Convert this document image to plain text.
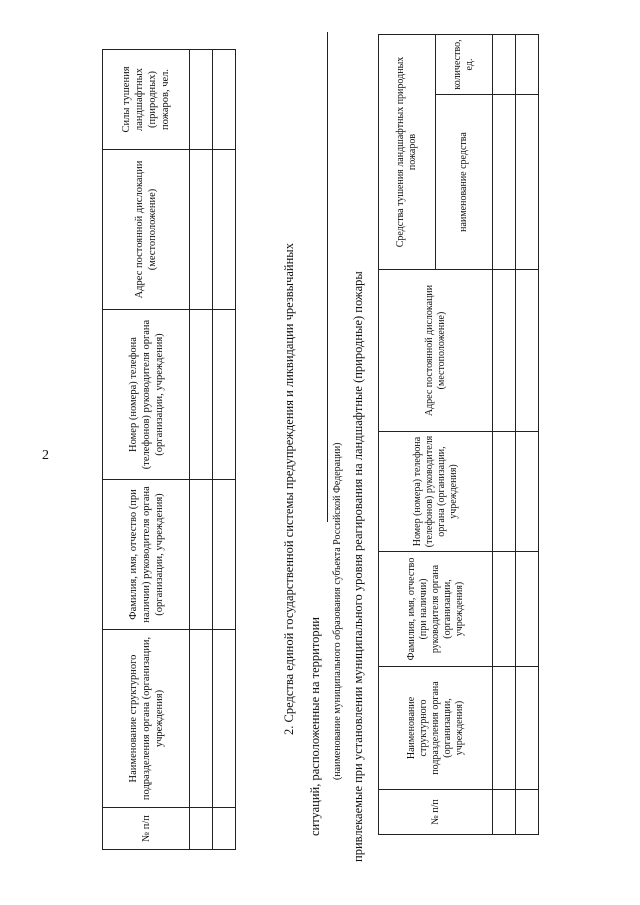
2
№ п/п	Наименование структурного подразделения органа (организации, учреждения)	Фамилия, имя, отчество (при наличии) руководителя органа (организации, учреждения)	Номер (номера) телефона (телефонов) руководителя органа (организации, учреждения)	Адрес постоянной дислокации (местоположение)	Силы тушения ландшафтных (природных) пожаров, чел.

2. Средства единой государственной системы предупреждения и ликвидации чрезвычайных ситуаций, расположенные на территории (наименование муниципального образования субъекта Российской Федерации) привлекаемые при установлении муниципального уровня реагирования на ландшафтные (природные) пожары	№ п/п	Наименование структурного подразделения органа (организации, учреждения)	Фамилия, имя, отчество (при наличии) руководителя органа (организации, учреждения)	Номер (номера) телефона (телефонов) руководителя органа (организации, учреждения)	Адрес постоянной дислокации (местоположение)	Средства тушения ландшафтных природных пожаров	
					наименование средства	количество, ед.
